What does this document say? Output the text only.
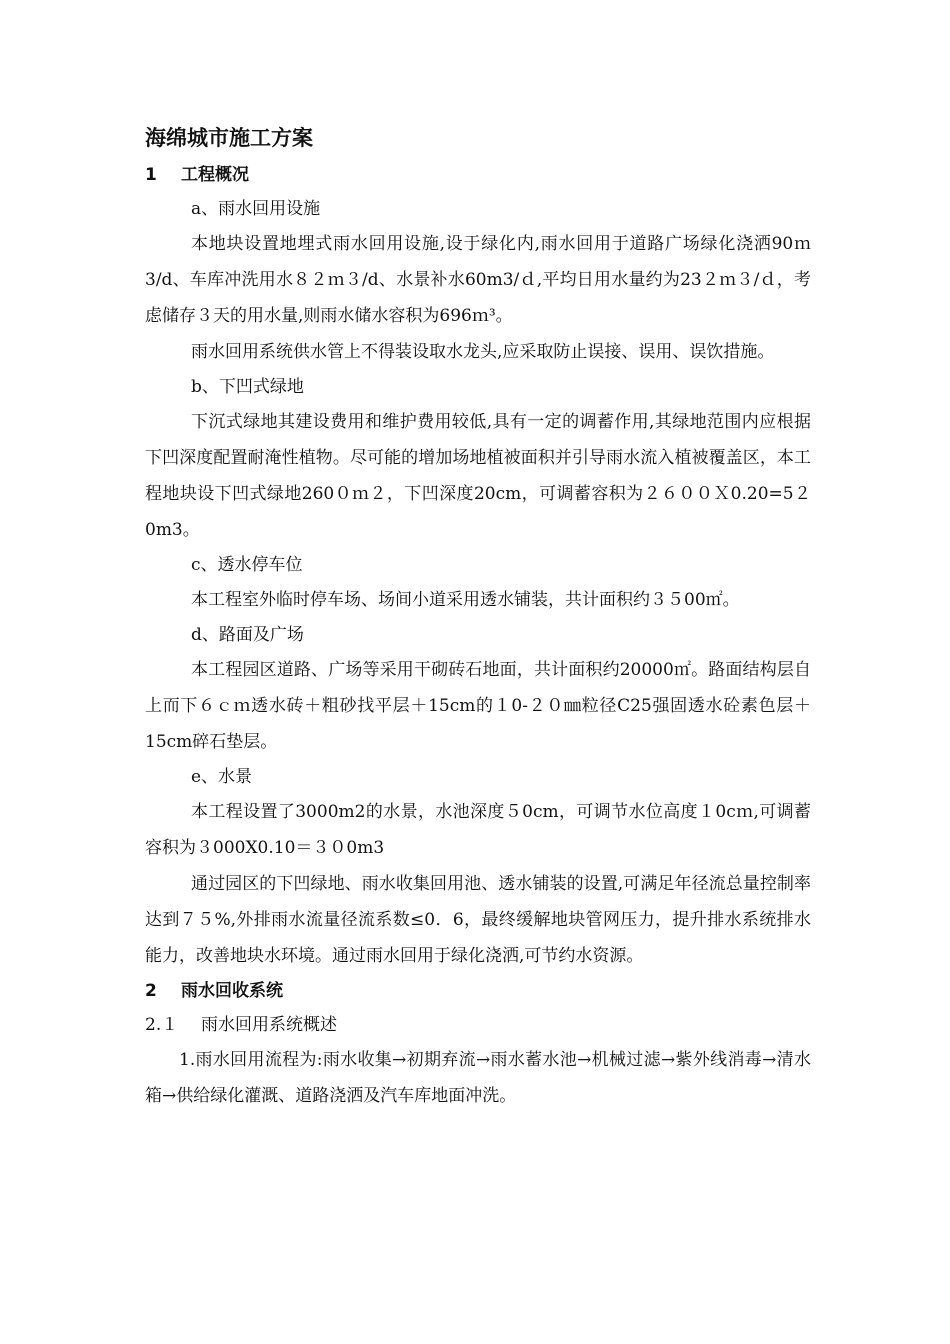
海绵城市施工方案
1 工程概况
a、雨水回用设施

本地块设置地埋式雨水回用设施,设于绿化内,雨水回用于道路广场绿化浇洒90ｍ3/d、车库冲洗用水８２ｍ３/d、水景补水60m3/ｄ,平均日用水量约为23２ｍ３/ｄ，考虑储存３天的用水量,则雨水储水容积为696ｍ³。

雨水回用系统供水管上不得装设取水龙头,应采取防止误接、误用、误饮措施。

b、下凹式绿地

下沉式绿地其建设费用和维护费用较低,具有一定的调蓄作用,其绿地范围内应根据下凹深度配置耐淹性植物。尽可能的增加场地植被面积并引导雨水流入植被覆盖区，本工程地块设下凹式绿地260０ｍ２，下凹深度20cm，可调蓄容积为２６００Ｘ0.20=5２0m3。

c、透水停车位

本工程室外临时停车场、场间小道采用透水铺装，共计面积约３５00㎡。

d、路面及广场

本工程园区道路、广场等采用干砌砖石地面，共计面积约20000㎡。路面结构层自上而下６ｃｍ透水砖＋粗砂找平层＋15cm的１0-２０㎜粒径C25强固透水砼素色层＋15cm碎石垫层。

e、水景

本工程设置了3000m2的水景，水池深度５0cm，可调节水位高度１0cｍ,可调蓄容积为３000X0.10＝３０0m3

通过园区的下凹绿地、雨水收集回用池、透水铺装的设置,可满足年径流总量控制率达到７５%,外排雨水流量径流系数≤0．6，最终缓解地块管网压力，提升排水系统排水能力，改善地块水环境。通过雨水回用于绿化浇洒,可节约水资源。

2 雨水回收系统
2.１ 雨水回用系统概述

1.雨水回用流程为:雨水收集→初期弃流→雨水蓄水池→机械过滤→紫外线消毒→清水箱→供给绿化灌溉、道路浇洒及汽车库地面冲洗。
